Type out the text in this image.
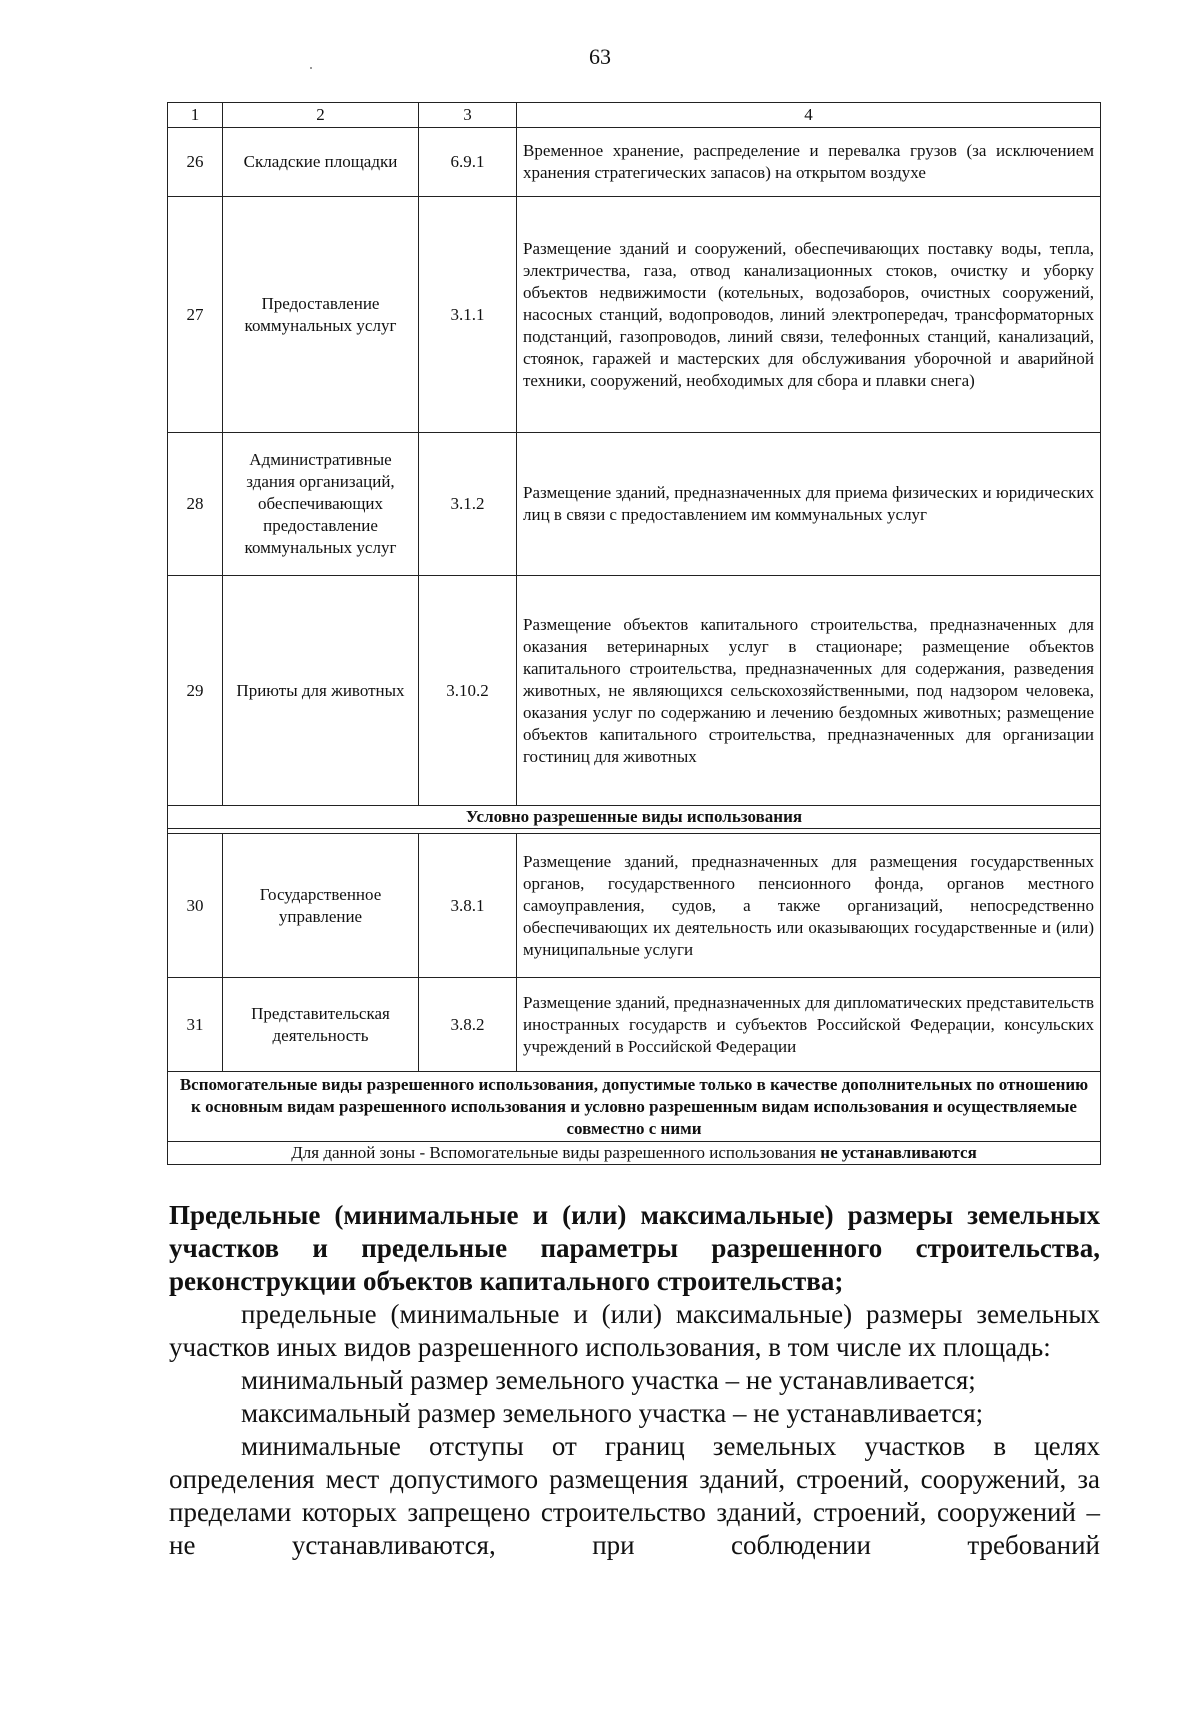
63
1	2	3	4
26	Складские площадки	6.9.1	Временное хранение, распределение и перевалка грузов (за исключением хранения стратегических запасов) на открытом воздухе
27	Предоставление коммунальных услуг	3.1.1	Размещение зданий и сооружений, обеспечивающих поставку воды, тепла, электричества, газа, отвод канализационных стоков, очистку и уборку объектов недвижимости (котельных, водозаборов, очистных сооружений, насосных станций, водопроводов, линий электропередач, трансформаторных подстанций, газопроводов, линий связи, телефонных станций, канализаций, стоянок, гаражей и мастерских для обслуживания уборочной и аварийной техники, сооружений, необходимых для сбора и плавки снега)
28	Административные здания организаций, обеспечивающих предоставление коммунальных услуг	3.1.2	Размещение зданий, предназначенных для приема физических и юридических лиц в связи с предоставлением им коммунальных услуг
29	Приюты для животных	3.10.2	Размещение объектов капитального строительства, предназначенных для оказания ветеринарных услуг в стационаре; размещение объектов капитального строительства, предназначенных для содержания, разведения животных, не являющихся сельскохозяйственными, под надзором человека, оказания услуг по содержанию и лечению бездомных животных; размещение объектов капитального строительства, предназначенных для организации гостиниц для животных
Условно разрешенные виды использования			

30	Государственное управление	3.8.1	Размещение зданий, предназначенных для размещения государственных органов, государственного пенсионного фонда, органов местного самоуправления, судов, а также организаций, непосредственно обеспечивающих их деятельность или оказывающих государственные и (или) муниципальные услуги
31	Представительская деятельность	3.8.2	Размещение зданий, предназначенных для дипломатических представительств иностранных государств и субъектов Российской Федерации, консульских учреждений в Российской Федерации
Вспомогательные виды разрешенного использования, допустимые только в качестве дополнительных по отношению к основным видам разрешенного использования и условно разрешенным видам использования и осуществляемые совместно с ними			
Для данной зоны - Вспомогательные виды разрешенного использования не устанавливаются			

Предельные (минимальные и (или) максимальные) размеры земельных участков и предельные параметры разрешенного строительства, реконструкции объектов капитального строительства;

предельные (минимальные и (или) максимальные) размеры земельных участков иных видов разрешенного использования, в том числе их площадь:

минимальный размер земельного участка – не устанавливается;

максимальный размер земельного участка – не устанавливается;

минимальные отступы от границ земельных участков в целях определения мест допустимого размещения зданий, строений, сооружений, за пределами которых запрещено строительство зданий, строений, сооружений – не устанавливаются, при соблюдении требований
